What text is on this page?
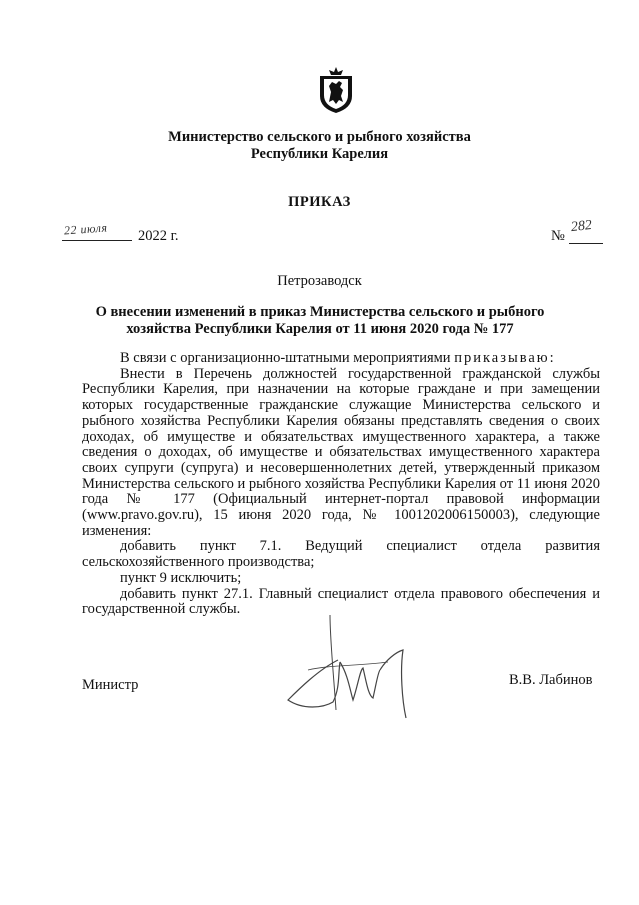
Министерство сельского и рыбного хозяйства
Республики Карелия
ПРИКАЗ
22 июля 2022 г.	№
282
Петрозаводск
О внесении изменений в приказ Министерства сельского и рыбного
хозяйства Республики Карелия от 11 июня 2020 года № 177

В связи с организационно-штатными мероприятиями приказываю:

Внести в Перечень должностей государственной гражданской службы Республики Карелия, при назначении на которые граждане и при замещении которых государственные гражданские служащие Министерства сельского и рыбного хозяйства Республики Карелия обязаны представлять сведения о своих доходах, об имуществе и обязательствах имущественного характера, а также сведения о доходах, об имуществе и обязательствах имущественного характера своих супруги (супруга) и несовершеннолетних детей, утвержденный приказом Министерства сельского и рыбного хозяйства Республики Карелия от 11 июня 2020 года № 177 (Официальный интернет-портал правовой информации (www.pravo.gov.ru), 15 июня 2020 года, № 1001202006150003), следующие изменения:

добавить пункт 7.1. Ведущий специалист отдела развития сельскохозяйственного производства;

пункт 9 исключить;

добавить пункт 27.1. Главный специалист отдела правового обеспечения и государственной службы.

Министр	В.В. Лабинов
